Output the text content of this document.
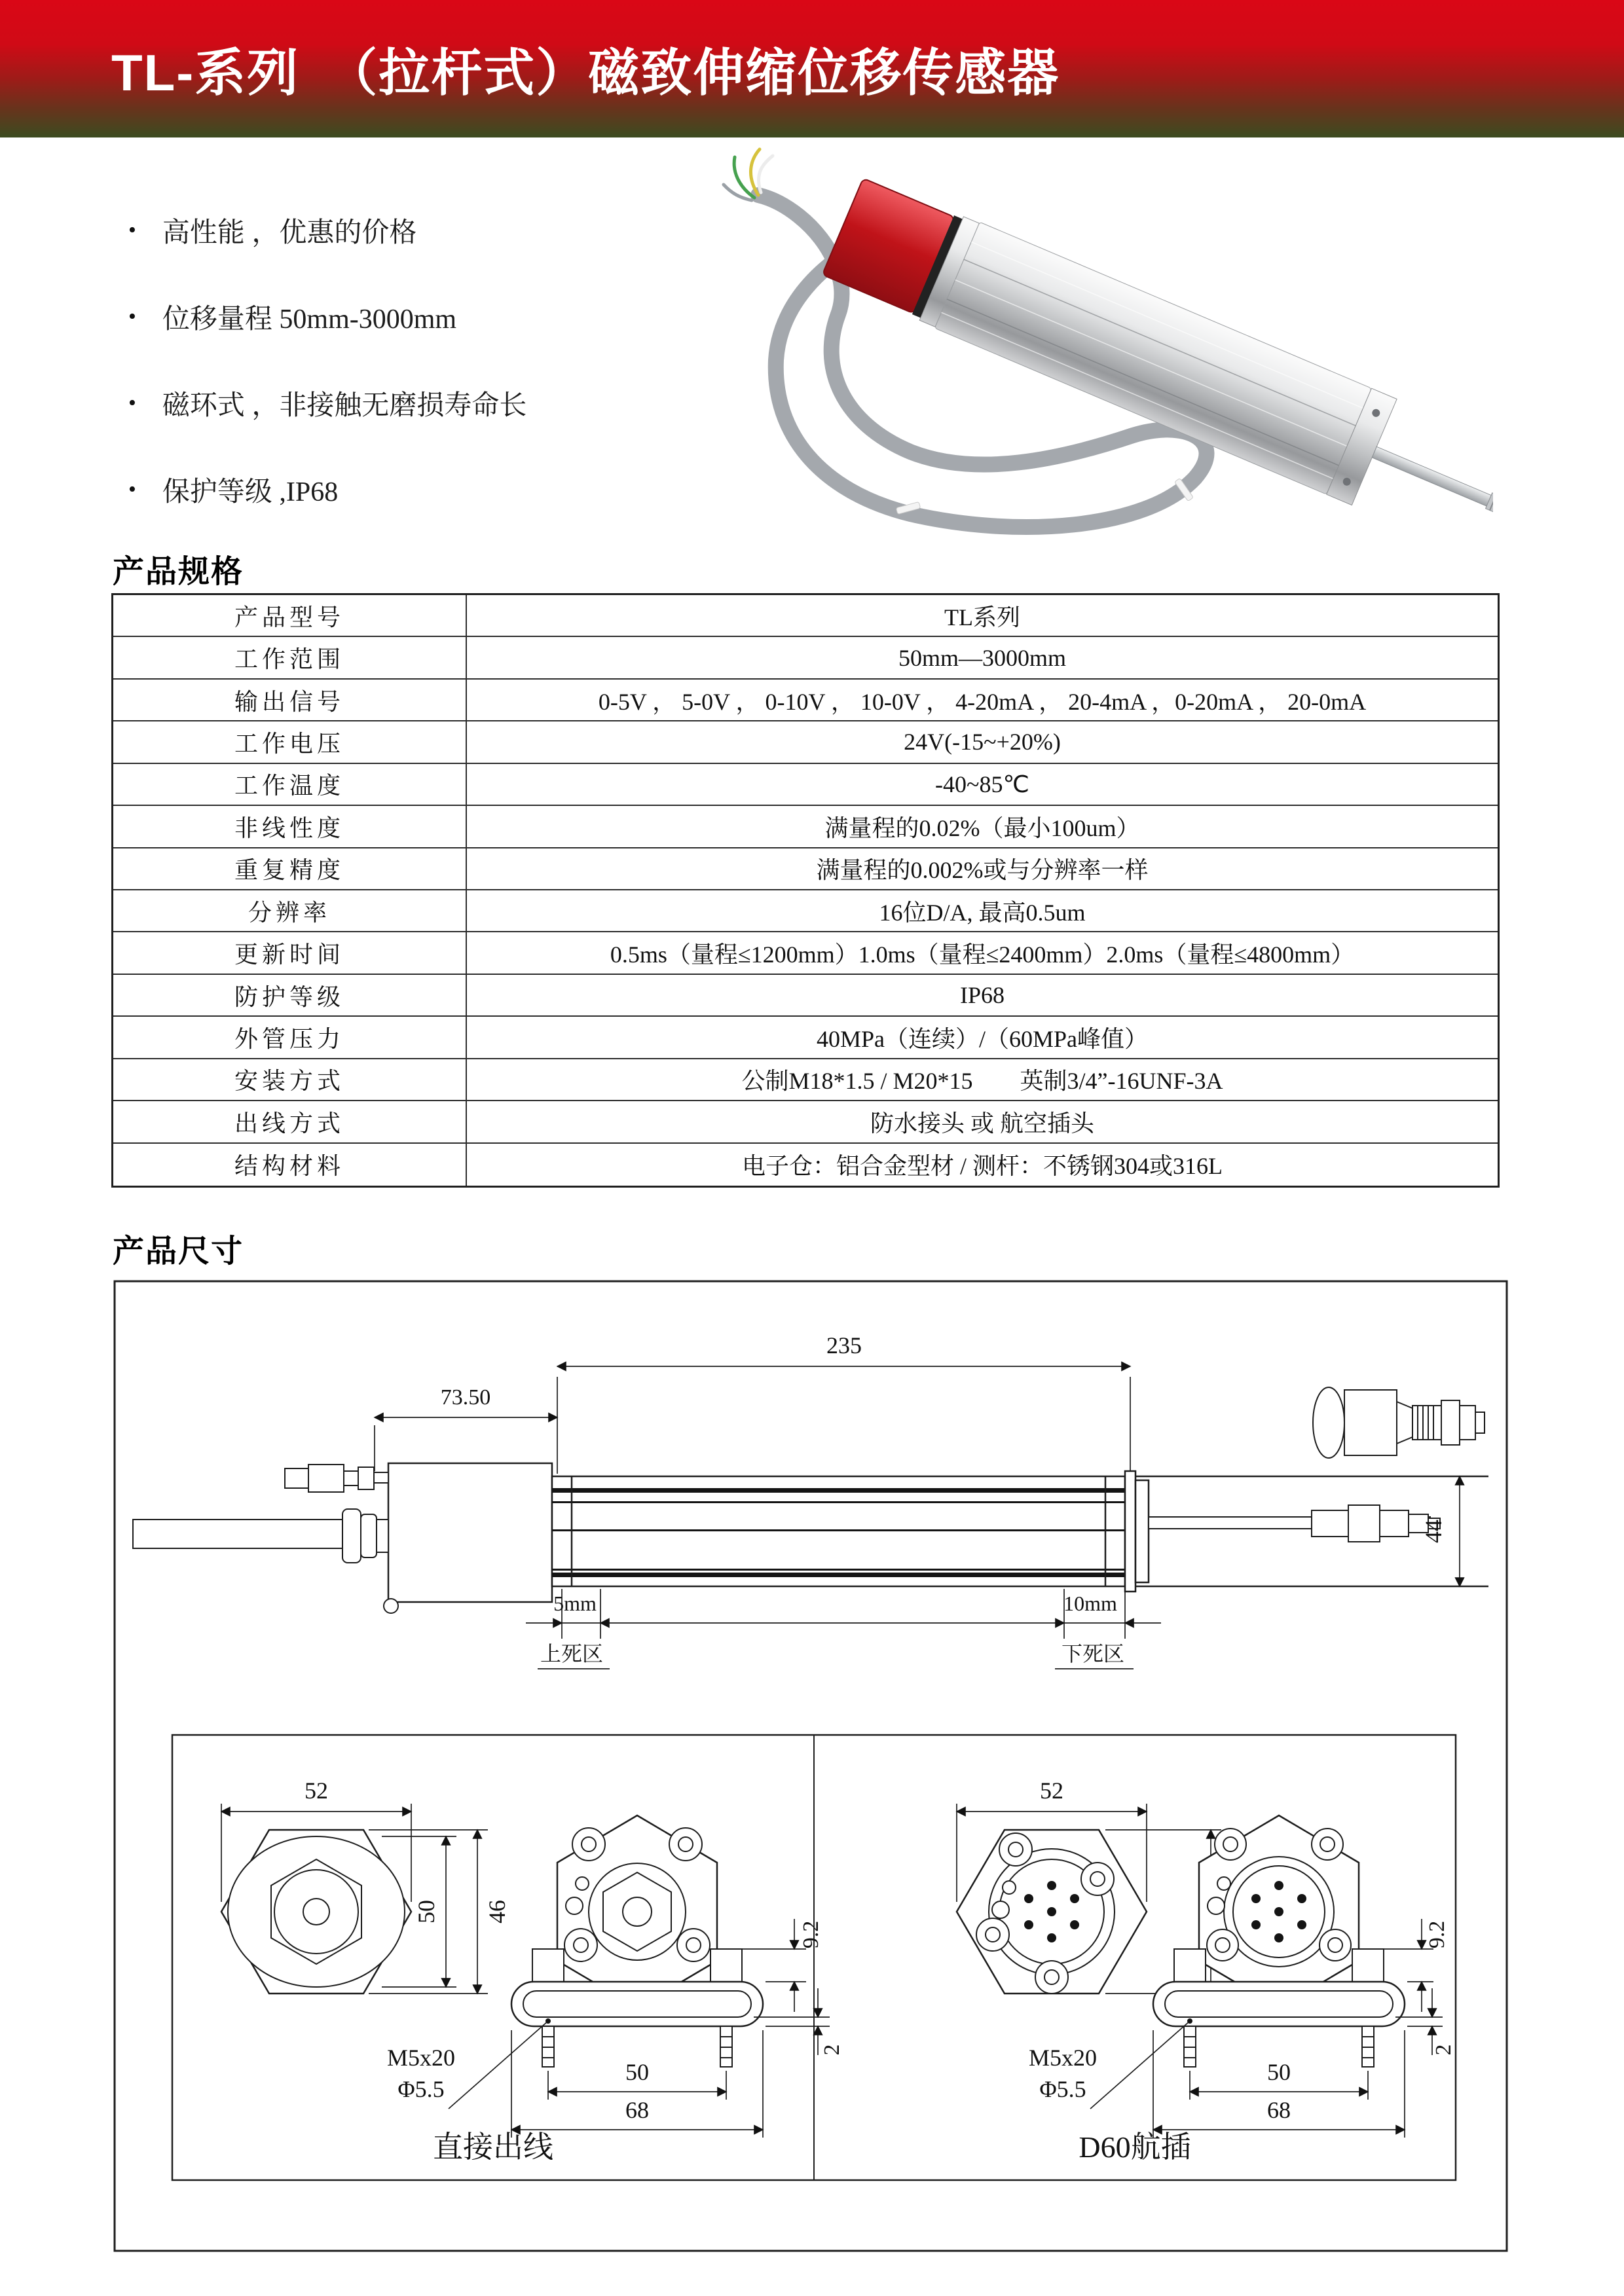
TL-系列　（拉杆式）磁致伸缩位移传感器
• 高性能 ，优惠的价格
• 位移量程 50mm-3000mm
• 磁环式 ，非接触无磨损寿命长
• 保护等级 ,IP68
产品规格
产品尺寸
产品型号	TL系列
工作范围	50mm—3000mm
输出信号	0-5V ， 5-0V ， 0-10V ， 10-0V ， 4-20mA ， 20-4mA ，0-20mA ， 20-0mA
工作电压	24V(-15~+20%)
工作温度	-40~85℃
非线性度	满量程的0.02%（最小100um）
重复精度	满量程的0.002%或与分辨率一样
分辨率	16位D/A, 最高0.5um
更新时间	0.5ms（量程≤1200mm）1.0ms（量程≤2400mm）2.0ms（量程≤4800mm）
防护等级	IP68
外管压力	40MPa（连续）/（60MPa峰值）
安装方式	公制M18*1.5 / M20*15　　英制3/4”-16UNF-3A
出线方式	防水接头 或 航空插头
结构材料	电子仓：铝合金型材 / 测杆：不锈钢304或316L
235
73.50
44
5mm
上死区
10mm
下死区
52
50 46
9.2
2
50
68
M5x20
Φ5.5
直接出线
52
9.2
2
50
68
M5x20
Φ5.5
D60航插
